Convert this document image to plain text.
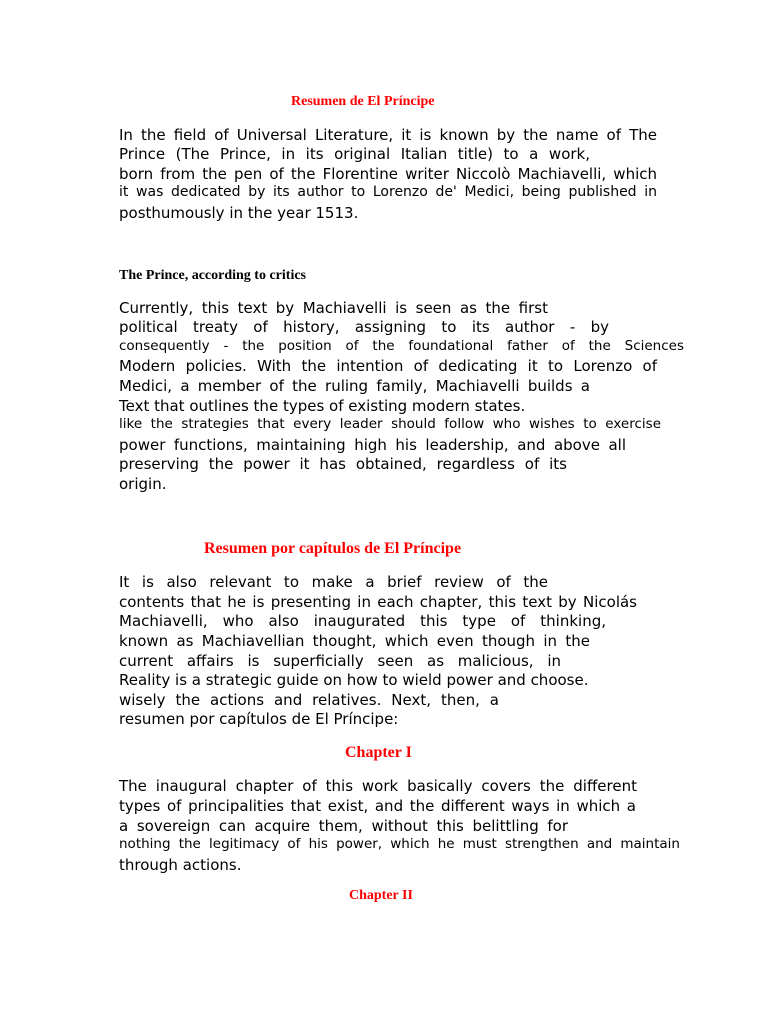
Resumen de El Príncipe
In the field of Universal Literature, it is known by the name of The
Prince (The Prince, in its original Italian title) to a work,
born from the pen of the Florentine writer Niccolò Machiavelli, which
it was dedicated by its author to Lorenzo de' Medici, being published in
posthumously in the year 1513.
The Prince, according to critics
Currently, this text by Machiavelli is seen as the first
political treaty of history, assigning to its author - by
consequently - the position of the foundational father of the Sciences
Modern policies. With the intention of dedicating it to Lorenzo of
Medici, a member of the ruling family, Machiavelli builds a
Text that outlines the types of existing modern states.
like the strategies that every leader should follow who wishes to exercise
power functions, maintaining high his leadership, and above all
preserving the power it has obtained, regardless of its
origin.
Resumen por capítulos de El Príncipe
It is also relevant to make a brief review of the
contents that he is presenting in each chapter, this text by Nicolás
Machiavelli, who also inaugurated this type of thinking,
known as Machiavellian thought, which even though in the
current affairs is superficially seen as malicious, in
Reality is a strategic guide on how to wield power and choose.
wisely the actions and relatives. Next, then, a
resumen por capítulos de El Príncipe:
Chapter I
The inaugural chapter of this work basically covers the different
types of principalities that exist, and the different ways in which a
a sovereign can acquire them, without this belittling for
nothing the legitimacy of his power, which he must strengthen and maintain
through actions.
Chapter II
